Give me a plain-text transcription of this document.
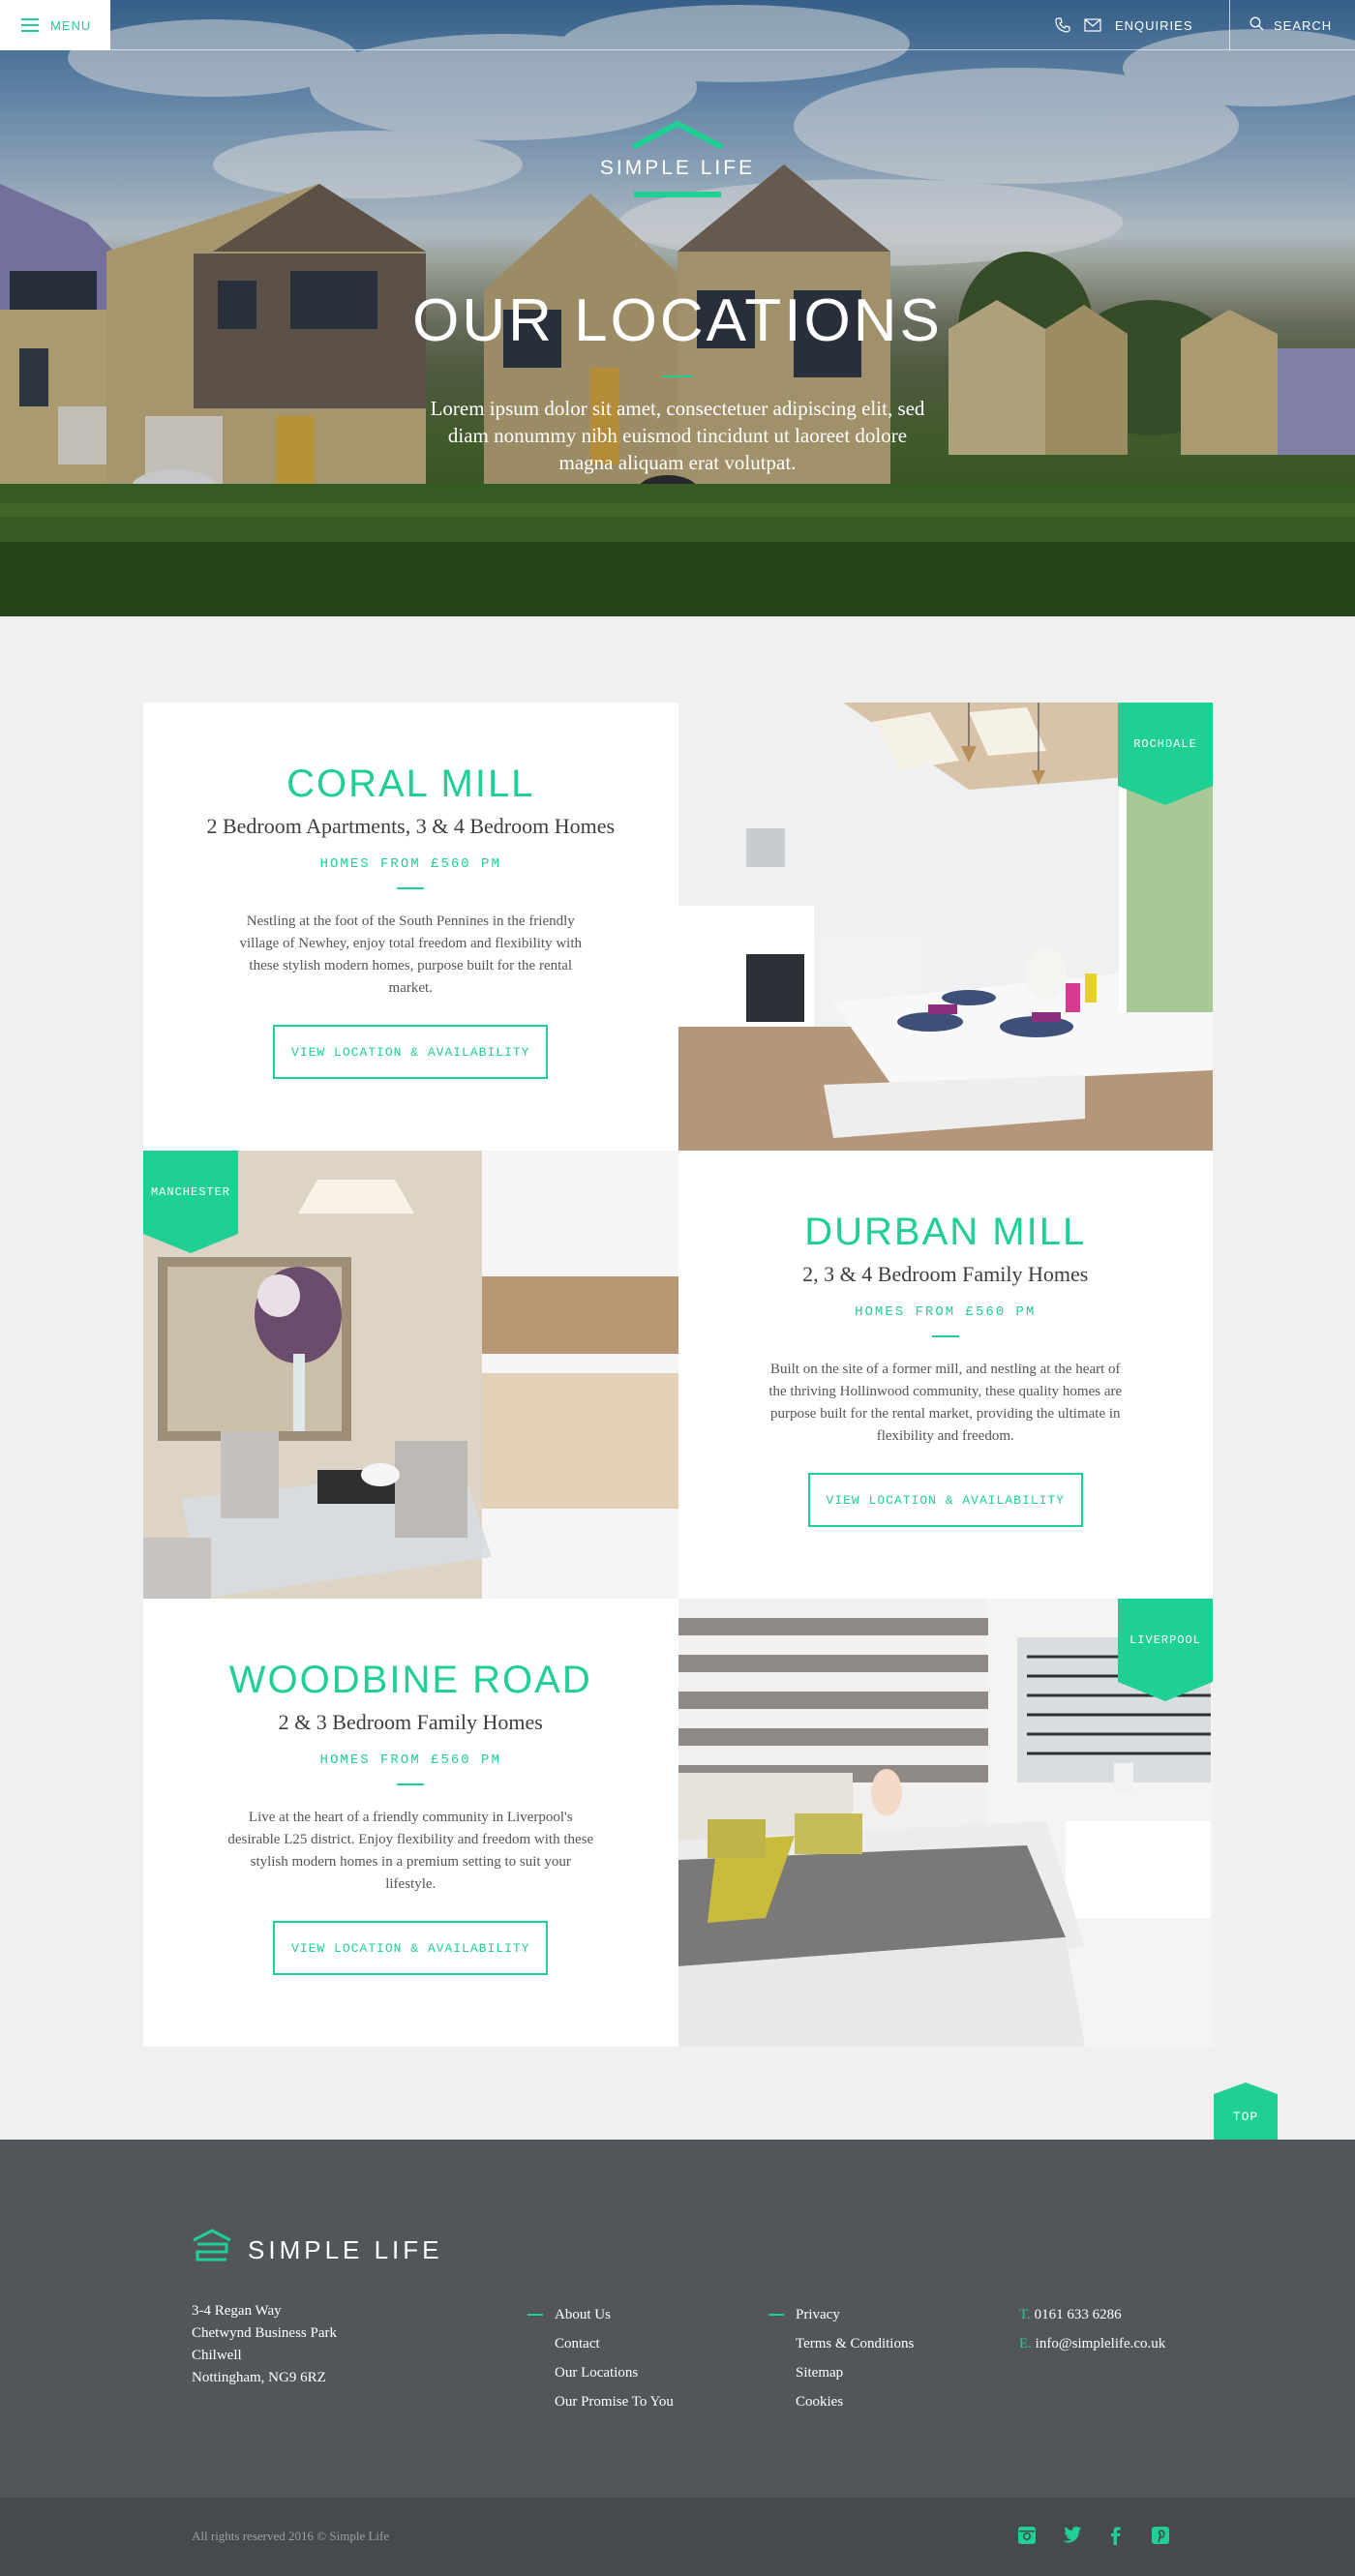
MENU	ENQUIRIES	SEARCH
SIMPLE LIFE
OUR LOCATIONS

Lorem ipsum dolor sit amet, consectetuer adipiscing elit, sed diam nonummy nibh euismod tincidunt ut laoreet dolore magna aliquam erat volutpat.

CORAL MILL
2 Bedroom Apartments, 3 & 4 Bedroom Homes
HOMES FROM £560 PM

Nestling at the foot of the South Pennines in the friendly village of Newhey, enjoy total freedom and flexibility with these stylish modern homes, purpose built for the rental market.

VIEW LOCATION & AVAILABILITY
ROCHDALE
MANCHESTER
DURBAN MILL
2, 3 & 4 Bedroom Family Homes
HOMES FROM £560 PM

Built on the site of a former mill, and nestling at the heart of the thriving Hollinwood community, these quality homes are purpose built for the rental market, providing the ultimate in flexibility and freedom.

VIEW LOCATION & AVAILABILITY
WOODBINE ROAD
2 & 3 Bedroom Family Homes
HOMES FROM £560 PM

Live at the heart of a friendly community in Liverpool's desirable L25 district. Enjoy flexibility and freedom with these stylish modern homes in a premium setting to suit your lifestyle.

VIEW LOCATION & AVAILABILITY
LIVERPOOL
TOP
SIMPLE LIFE
3-4 Regan Way
Chetwynd Business Park
Chilwell
Nottingham, NG9 6RZ
About Us
Contact
Our Locations
Our Promise To You
Privacy
Terms & Conditions
Sitemap
Cookies
T. 0161 633 6286
E. info@simplelife.co.uk
All rights reserved 2016 © Simple Life
